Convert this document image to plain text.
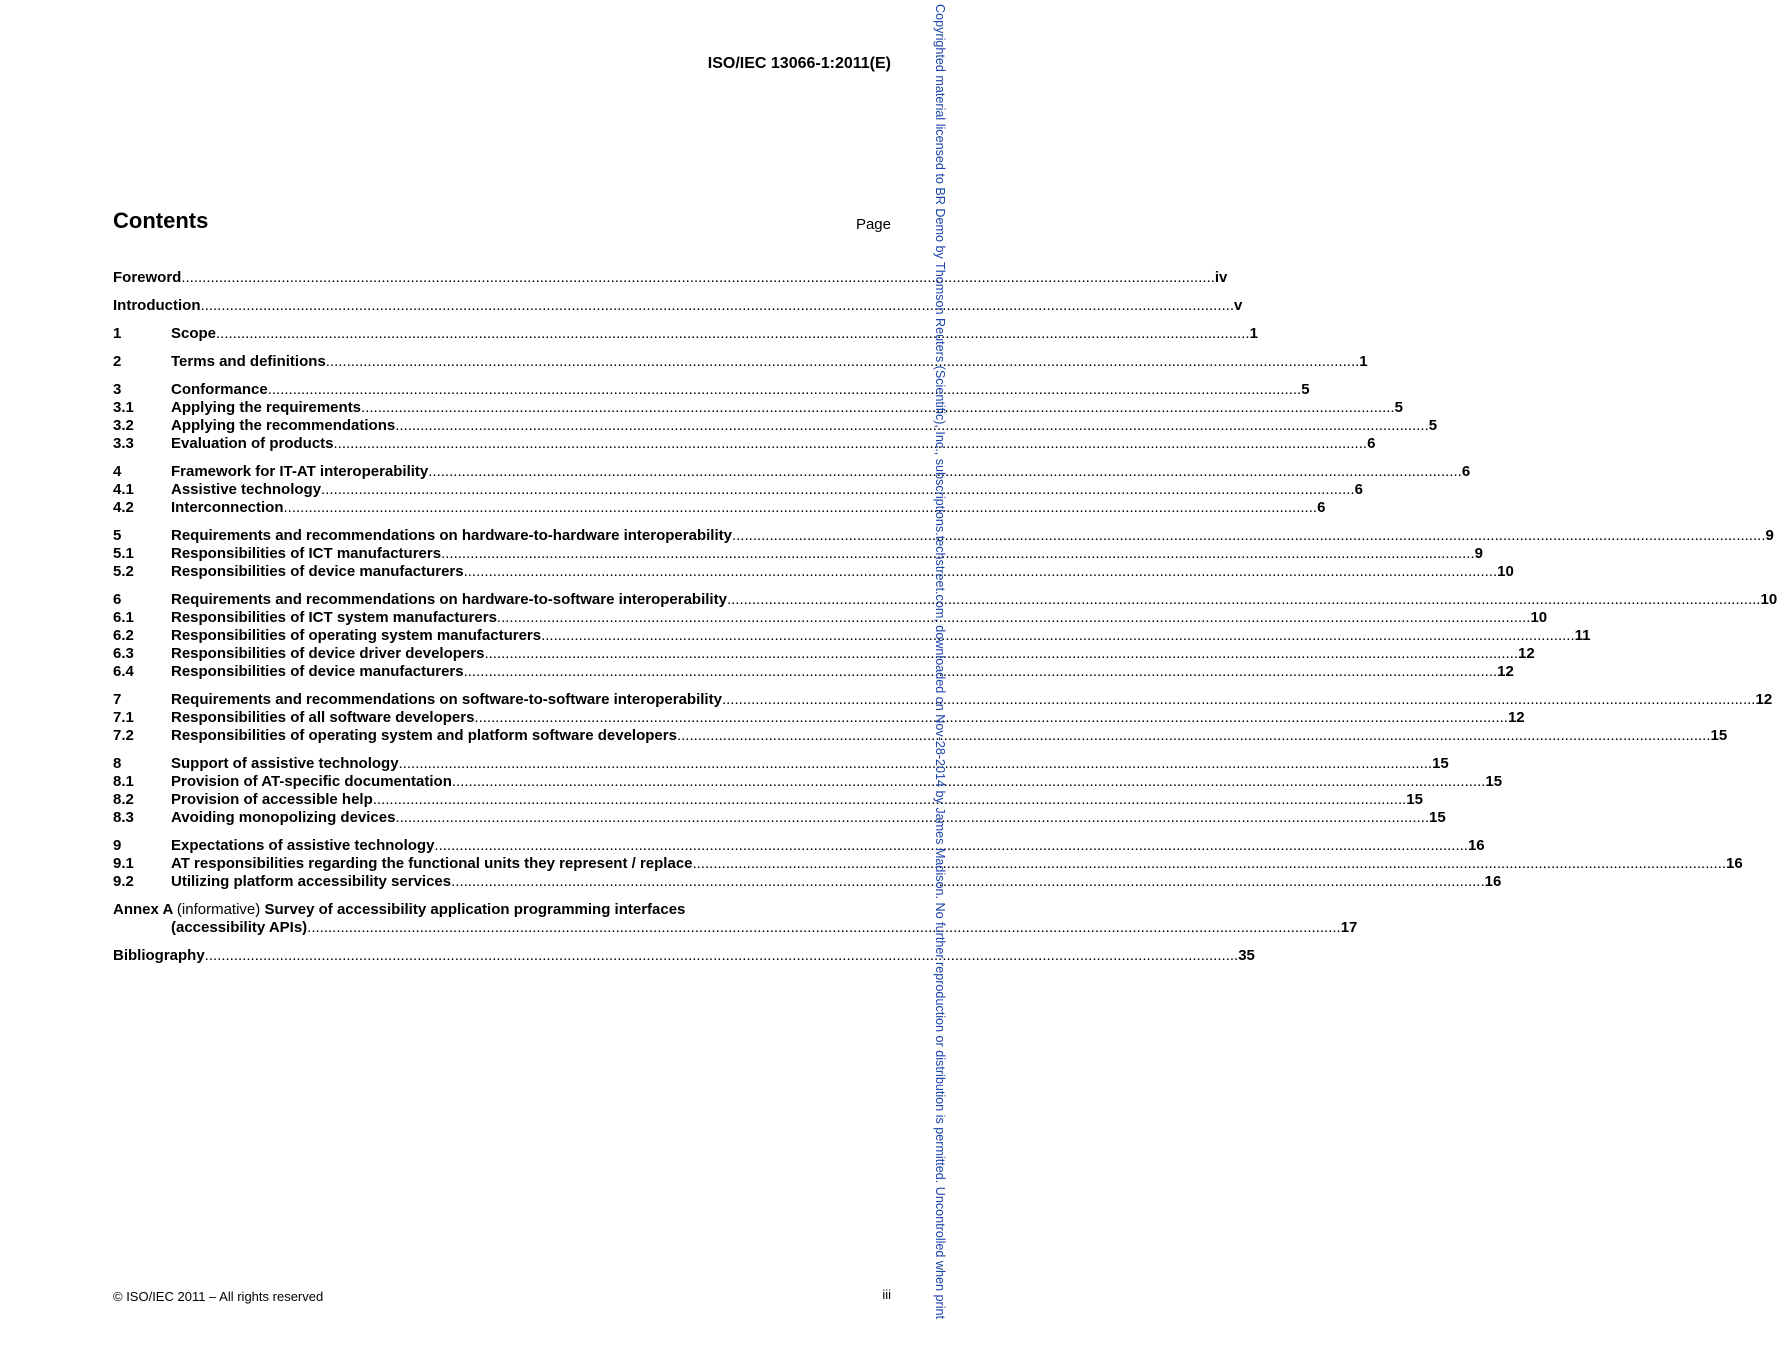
ISO/IEC 13066-1:2011(E)
Contents	Page
Foreword .....	iv
Introduction .....	v
1	Scope .....	1
2	Terms and definitions .....	1
3	Conformance .....	5
3.1	Applying the requirements .....	5
3.2	Applying the recommendations .....	5
3.3	Evaluation of products .....	6
4	Framework for IT-AT interoperability .....	6
4.1	Assistive technology .....	6
4.2	Interconnection .....	6
5	Requirements and recommendations on hardware-to-hardware interoperability .....	9
5.1	Responsibilities of ICT manufacturers .....	9
5.2	Responsibilities of device manufacturers .....	10
6	Requirements and recommendations on hardware-to-software interoperability .....	10
6.1	Responsibilities of ICT system manufacturers .....	10
6.2	Responsibilities of operating system manufacturers .....	11
6.3	Responsibilities of device driver developers .....	12
6.4	Responsibilities of device manufacturers .....	12
7	Requirements and recommendations on software-to-software interoperability .....	12
7.1	Responsibilities of all software developers .....	12
7.2	Responsibilities of operating system and platform software developers .....	15
8	Support of assistive technology .....	15
8.1	Provision of AT-specific documentation .....	15
8.2	Provision of accessible help .....	15
8.3	Avoiding monopolizing devices .....	15
9	Expectations of assistive technology .....	16
9.1	AT responsibilities regarding the functional units they represent / replace .....	16
9.2	Utilizing platform accessibility services .....	16
Annex A (informative) Survey of accessibility application programming interfaces
(accessibility APIs) .....	17
Bibliography .....	35
© ISO/IEC 2011 – All rights reserved	iii	Copyrighted material licensed to BR Demo by Thomson Reuters (Scientific), Inc., subscriptions.techstreet.com, downloaded on Nov-28-2014 by James Madison. No further reproduction or distribution is permitted. Uncontrolled when print
